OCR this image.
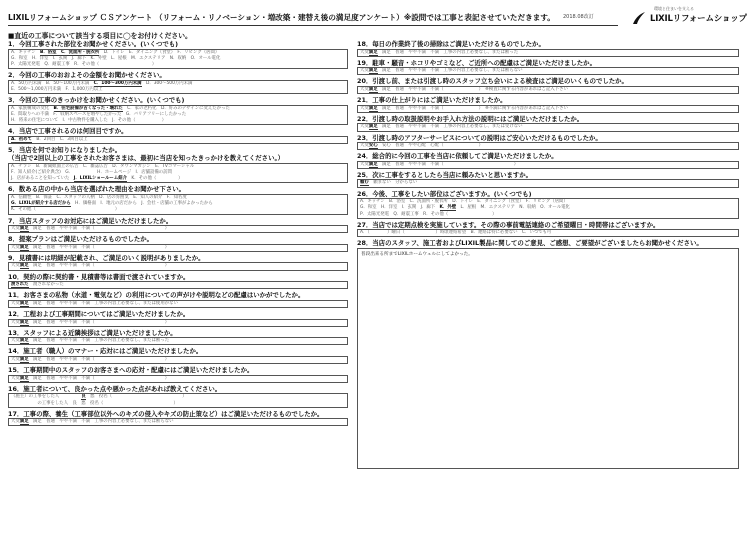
LIXILリフォームショップ ＣＳアンケート （リフォーム・リノベーション・増改築・建替え後の満足度アンケート）※設問では工事と表記させていただきます。 2018.08改訂
環境と住まいを支える
LIXILリフォームショップ
■直近の工事について該当する項目に◯をお付けください。
1．今回工事された部位をお聞かせください。(いくつでも)
A．キッチン　B．浴室　C．洗面所・脱衣所　D．トイレ　E．ダイニング（食堂）　F．リビング（居間）
G．和室　H．洋室　I．玄関　J．廊下　K．外壁　L．屋根　M．エクステリア　N．収納　O．オール電化
P．太陽光発電　Q．耐震工事　R．その他（　　　　　　　　　　　　）
2．今回の工事のおおよその金額をお聞かせください。
A．50万円未満　B．50～100万円未満　C．100～300万円未満　D．300～500万円未満
E．500～1,000万円未満　F．1,000万円以上
3．今回の工事のきっかけをお聞かせください。(いくつでも)
A．家族構成の変化　B．住宅設備が古くなった・壊れた　C．家の老朽化　D．好みのデザインに変えたかった
E．間取りへの不満　F．収納スペースを増やしたかった　G．バリアフリーにしたかった
H．将来の住宅について　I．中古物件を購入した　J．その他（　　　　　　）
4．当店で工事されるのは何回目ですか。
A．初めて　B．2回目　C．3回目以上
5．当店を何でお知りになりましたか。
（当店で2回以上の工事をされたお客さまは、最初に当店を知ったきっかけを教えてください。）
A．チラシ　B．新聞紙面上の広告　C．雑誌広告　D．タウンマガジン　E．TVコマーシャル
F．知人紹介(ご紹介典含)　G．　　　　　　H．ホームページ　I．店舗設備の訪問
J．店があることを知っていた　J．LIXILショールーム紹介　K．その他（　　　　　）
6．数ある店の中から当店を選ばれた理由をお聞かせ下さい。
A．信頼性　B．保証　C．スタッフの人柄　D．店の雰囲気　E．知人の紹介　F．知名度
G．LIXILが紹介する店だから　H．価格面　I．地元の店だから　J．会社・店舗の工事がよかったから
K．その他（　　　　　　　　　　　　　　　　　　）
7．当店スタッフのお対応にはご満足いただけましたか。
大変満足　満足　普通　やや不満　不満（　　　　　　　　　　　　　　　　）
8．提案プランはご満足いただけるものでしたか。
大変満足　満足　普通　やや不満　不満（　　　　　　　　　　　　　　　　）
9．見積書には明細が記載され、ご満足のいく説明がありましたか。
大変満足　満足　普通　やや不満　不満（　　　　　　　　　　　　　　　　）
10．契約の際に契約書・見積書等は書面で渡されていますか。
渡された　渡されなかった
11．お客さまの私物（水道・電気など）の利用についての声がけや説明などの配慮はいかがでしたか。
大変満足　満足　普通　やや不満　不満　工事の内容上必要なし、または使用がない
12．工程および工事期間についてはご満足いただけましたか。
大変満足　満足　普通　やや不満　不満（　　　　　　　　　　　　　　　　）
13．スタッフによる近隣挨拶はご満足いただけましたか。
大変満足　満足　普通　やや不満　不満　工事の内容上必要なし、または断った
14．施工者（職人）のマナー・応対にはご満足いただけましたか。
大変満足　満足　普通　やや不満　不満（　　　　　　　　　　　　　　　　）
15．工事期間中のスタッフのお客さまへの応対・配慮にはご満足いただけましたか。
大変満足　満足　普通　やや不満　不満（　　　　　　　　　　　　　　　　）
16．施工者について、良かった点や悪かった点があれば教えてください。
（施主）の工事をした人　　　　　良　悪　役名（　　　　　　　　　　　　　　　　）
　　　　　　の工事をした人　良　悪　役名（　　　　　　　　　　　　　　　　）
17．工事の際、養生（工事部位以外へのキズの侵入やキズの防止策など）はご満足いただけるものでしたか。
大変満足　満足　普通　やや不満　不満　工事の内容上必要なし、または断らない
18．毎日の作業終了後の掃除はご満足いただけるものでしたか。
大変満足　満足　普通　やや不満　不満　工事の内容上必要なし、または断った
19．駐車・騒音・ホコリやゴミなど、ご近所への配慮はご満足いただけましたか。
大変満足　満足　普通　やや不満　不満　工事の内容上必要なし、または断らない
20．引渡し前、または引渡し時のスタッフ立ち会いによる検査はご満足のいくものでしたか。
大変満足　満足　普通　やや不満　不満（　　　　　　　　）　※検査に関する内容があればご記入下さい
21．工事の仕上がりにはご満足いただけましたか。
大変満足　満足　普通　やや不満　不満（　　　　　　　　）　※不満に関する内容があればご記入下さい
22．引渡し時の取扱説明やお手入れ方法の説明にはご満足いただけましたか。
大変満足　満足　普通　やや不満　不満　工事の内容上必要なし、または受けない
23．引渡し時のアフターサービスについての説明はご安心いただけるものでしたか。
大変安心　安心　普通　やや心配　心配（　　　　　　　　）
24．総合的に今回の工事を当店に依頼してご満足いただけましたか。
大変満足　満足　普通　やや不満　不満（　　　　　　　　　　　　　　　　）
25．次に工事をするとしたら当店に頼みたいと思いますか。
頼む　頼まない　分からない
26．今後、工事をしたい部位はございますか。(いくつでも)
A．キッチン　B．浴室　C．洗面所・脱衣所　D．トイレ　E．ダイニング（食堂）　F．リビング（居間）
G．和室　H．洋室　I．玄関　J．廊下　K．外壁　L．屋根　M．エクステリア　N．収納　O．オール電化
P．太陽光発電　Q．耐震工事　R．その他（　　　　　　　　　　）
27．当店では定期点検を実施しています。その際の事前電話連絡のご希望曜日・時間帯はございますか。
A．（　　　　）曜日（　　　　　　　）時頃連絡希望　B．連絡は特に必要ない　C．いつでも可
28．当店のスタッフ、施工者およびLIXIL製品に関してのご意見、ご感想、ご要望がございましたらお聞かせください。
普段出来る所までLIXILホームウェルにしてよかった。
